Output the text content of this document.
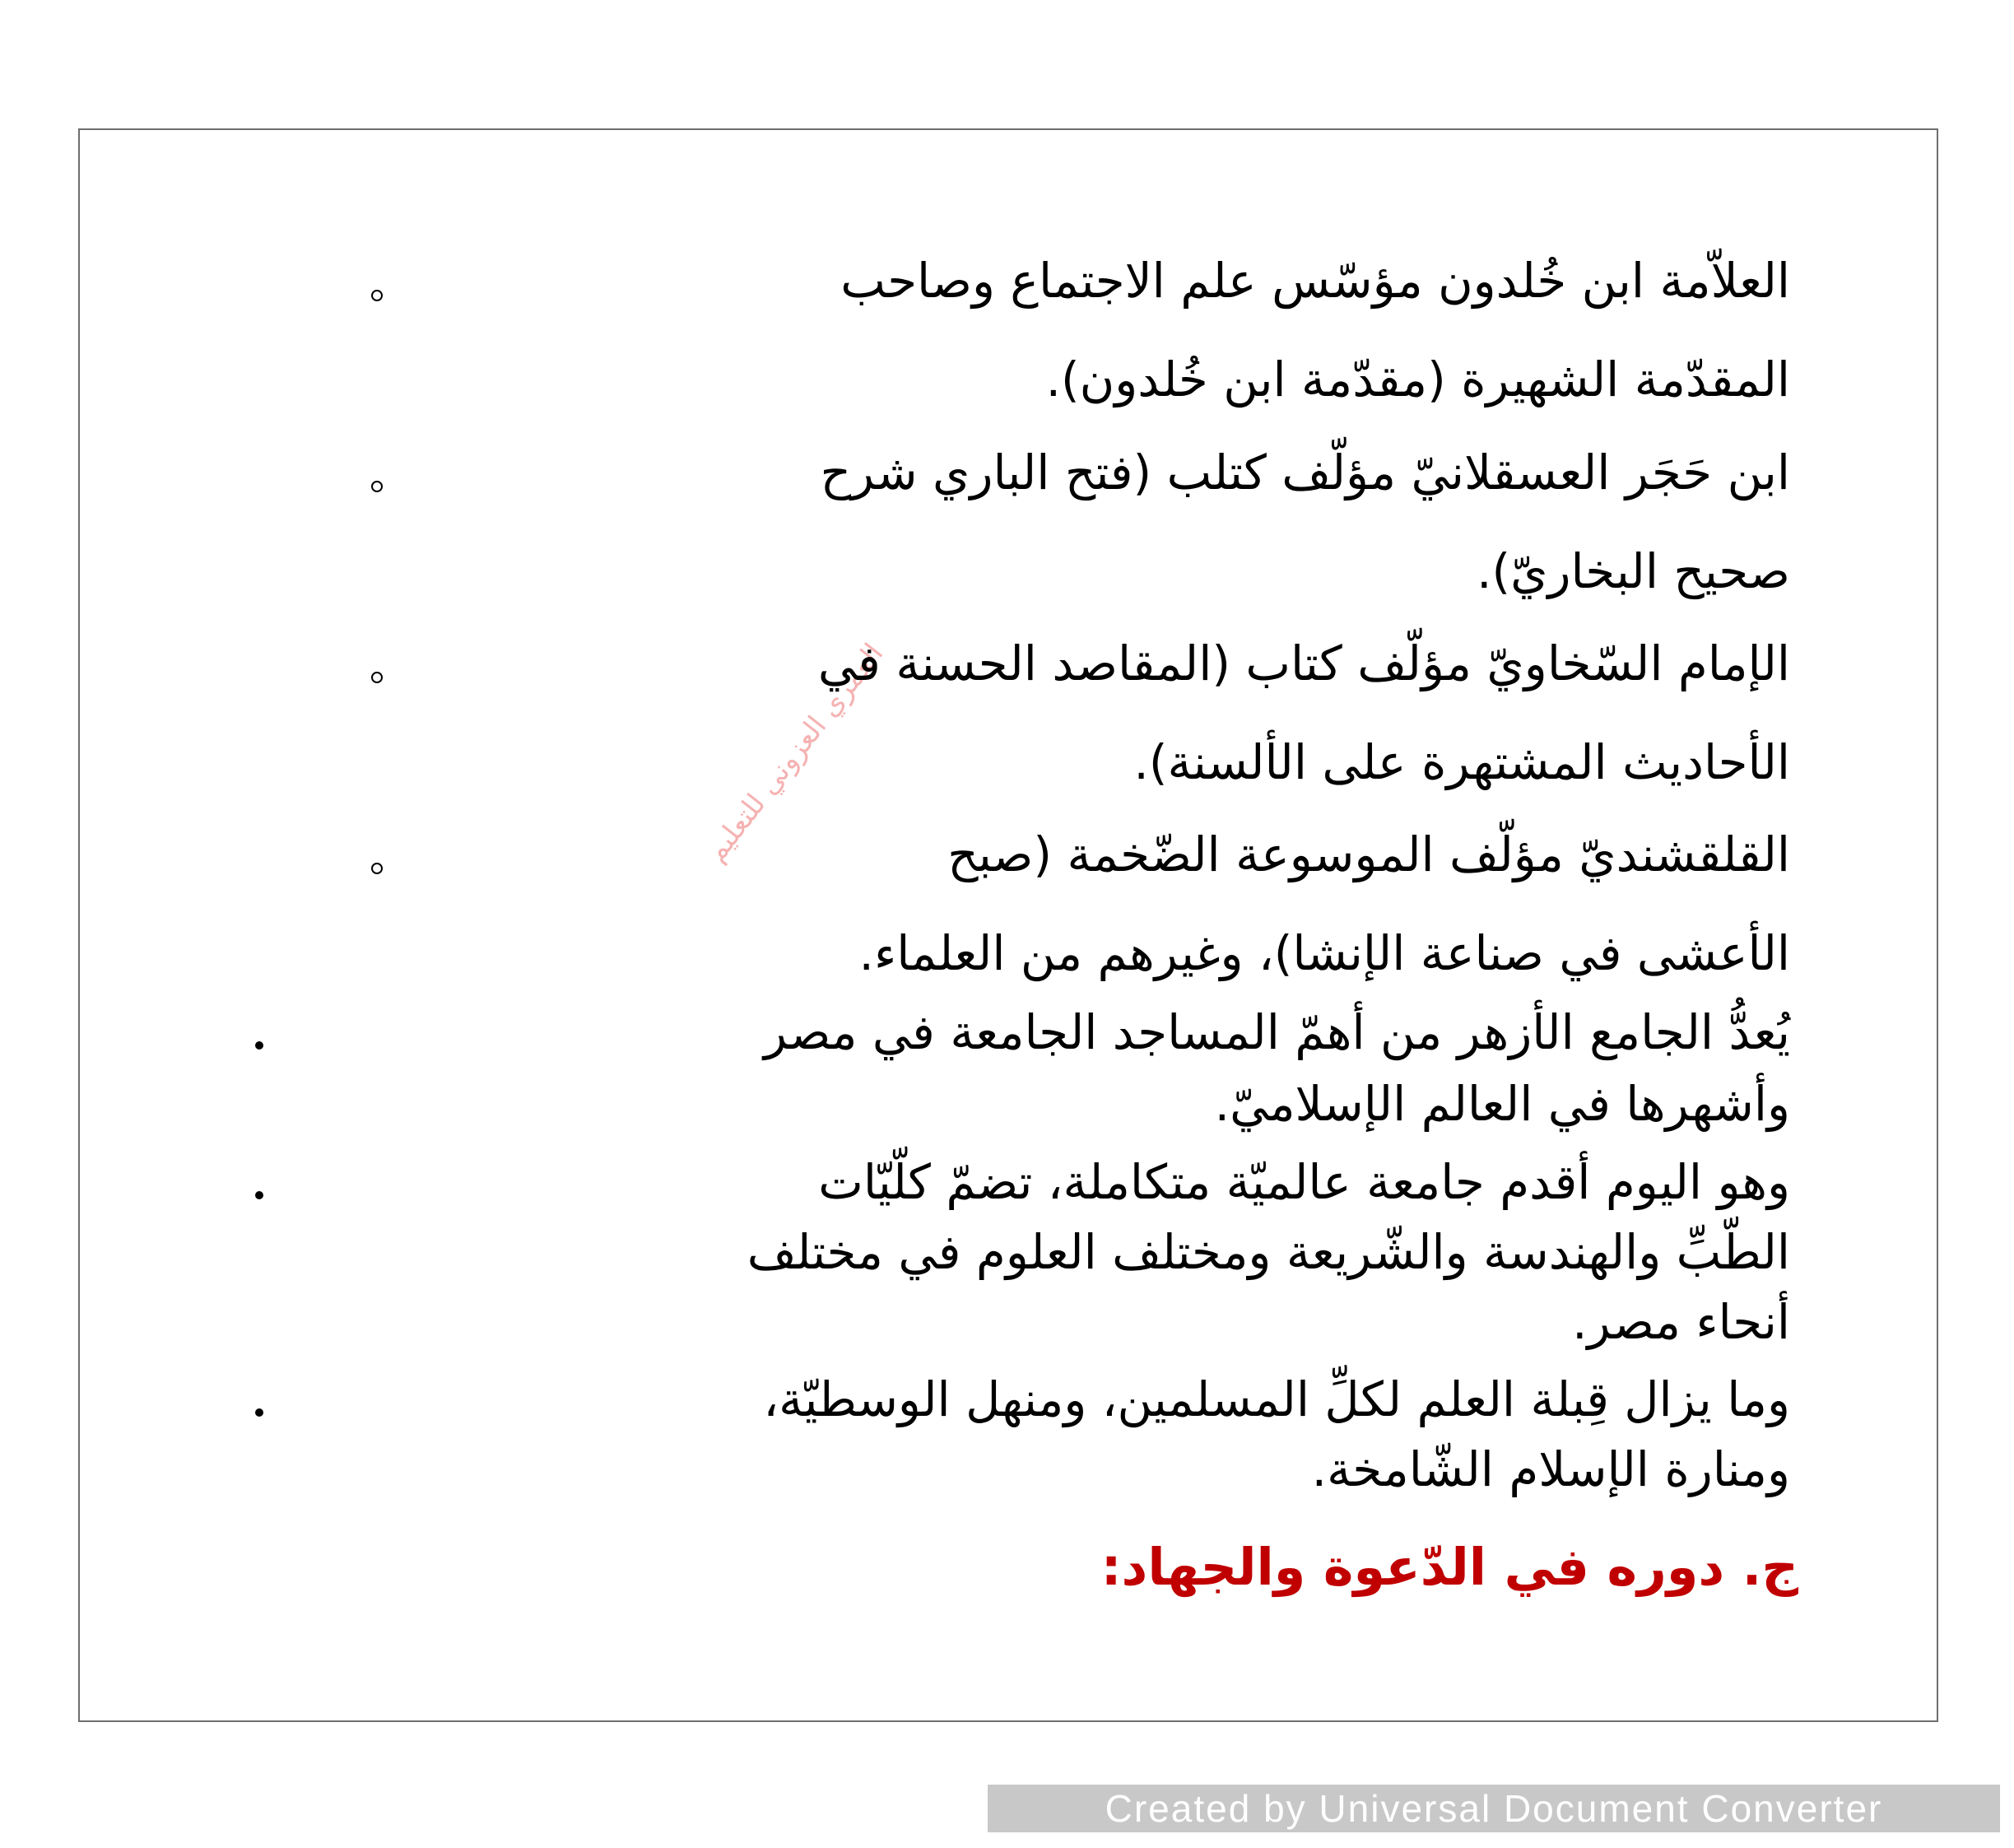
العمري العزوني للتعليم
العلاّمة ابن خُلدون مؤسّس علم الاجتماع وصاحب
المقدّمة الشهيرة (مقدّمة ابن خُلدون).
ابن حَجَر العسقلانيّ مؤلّف كتلب (فتح الباري شرح
صحيح البخاريّ).
الإمام السّخاويّ مؤلّف كتاب (المقاصد الحسنة في
الأحاديث المشتهرة على الألسنة).
القلقشنديّ مؤلّف الموسوعة الضّخمة (صبح
الأعشى في صناعة الإنشا)، وغيرهم من العلماء.
يُعدُّ الجامع الأزهر من أهمّ المساجد الجامعة في مصر
وأشهرها في العالم الإسلاميّ.
وهو اليوم أقدم جامعة عالميّة متكاملة، تضمّ كلّيّات
الطّبِّ والهندسة والشّريعة ومختلف العلوم في مختلف
أنحاء مصر.
وما يزال قِبلة العلم لكلِّ المسلمين، ومنهل الوسطيّة،
ومنارة الإسلام الشّامخة.
ج. دوره في الدّعوة والجهاد:
Created by Universal Document Converter
